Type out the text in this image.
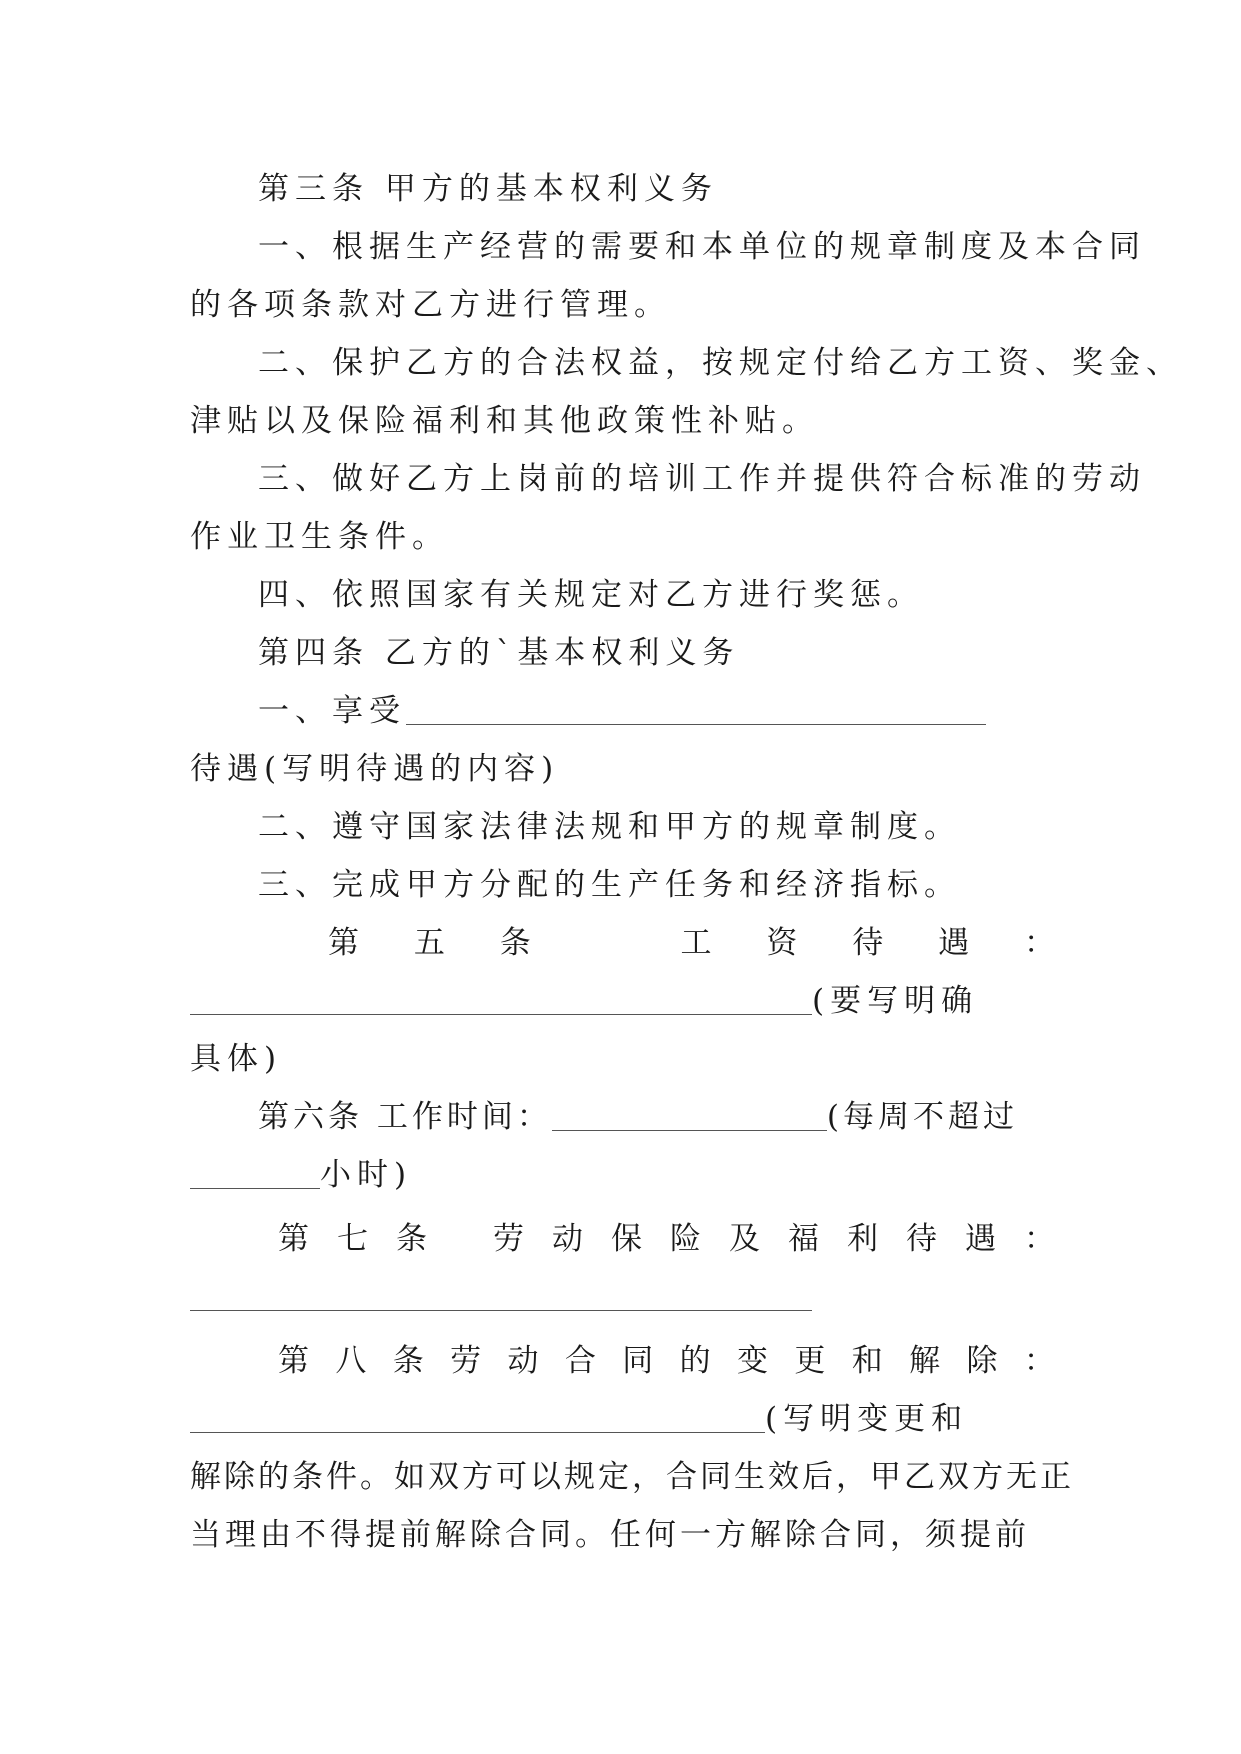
第三条 甲方的基本权利义务
一、根据生产经营的需要和本单位的规章制度及本合同
的各项条款对乙方进行管理。
二、保护乙方的合法权益，按规定付给乙方工资、奖金、
津贴以及保险福利和其他政策性补贴。
三、做好乙方上岗前的培训工作并提供符合标准的劳动
作业卫生条件。
四、依照国家有关规定对乙方进行奖惩。
第四条 乙方的`基本权利义务
一、享受
待遇(写明待遇的内容)
二、遵守国家法律法规和甲方的规章制度。
三、完成甲方分配的生产任务和经济指标。
第 五 条	工 资 待 遇 ：
(要写明确
具体)
第六条 工作时间：	(每周不超过
小时)
第 七 条 劳 动 保 险 及 福 利 待 遇 ：
第 八 条 劳 动 合 同 的 变 更 和 解 除 ：
(写明变更和
解除的条件。如双方可以规定，合同生效后，甲乙双方无正
当理由不得提前解除合同。任何一方解除合同，须提前
